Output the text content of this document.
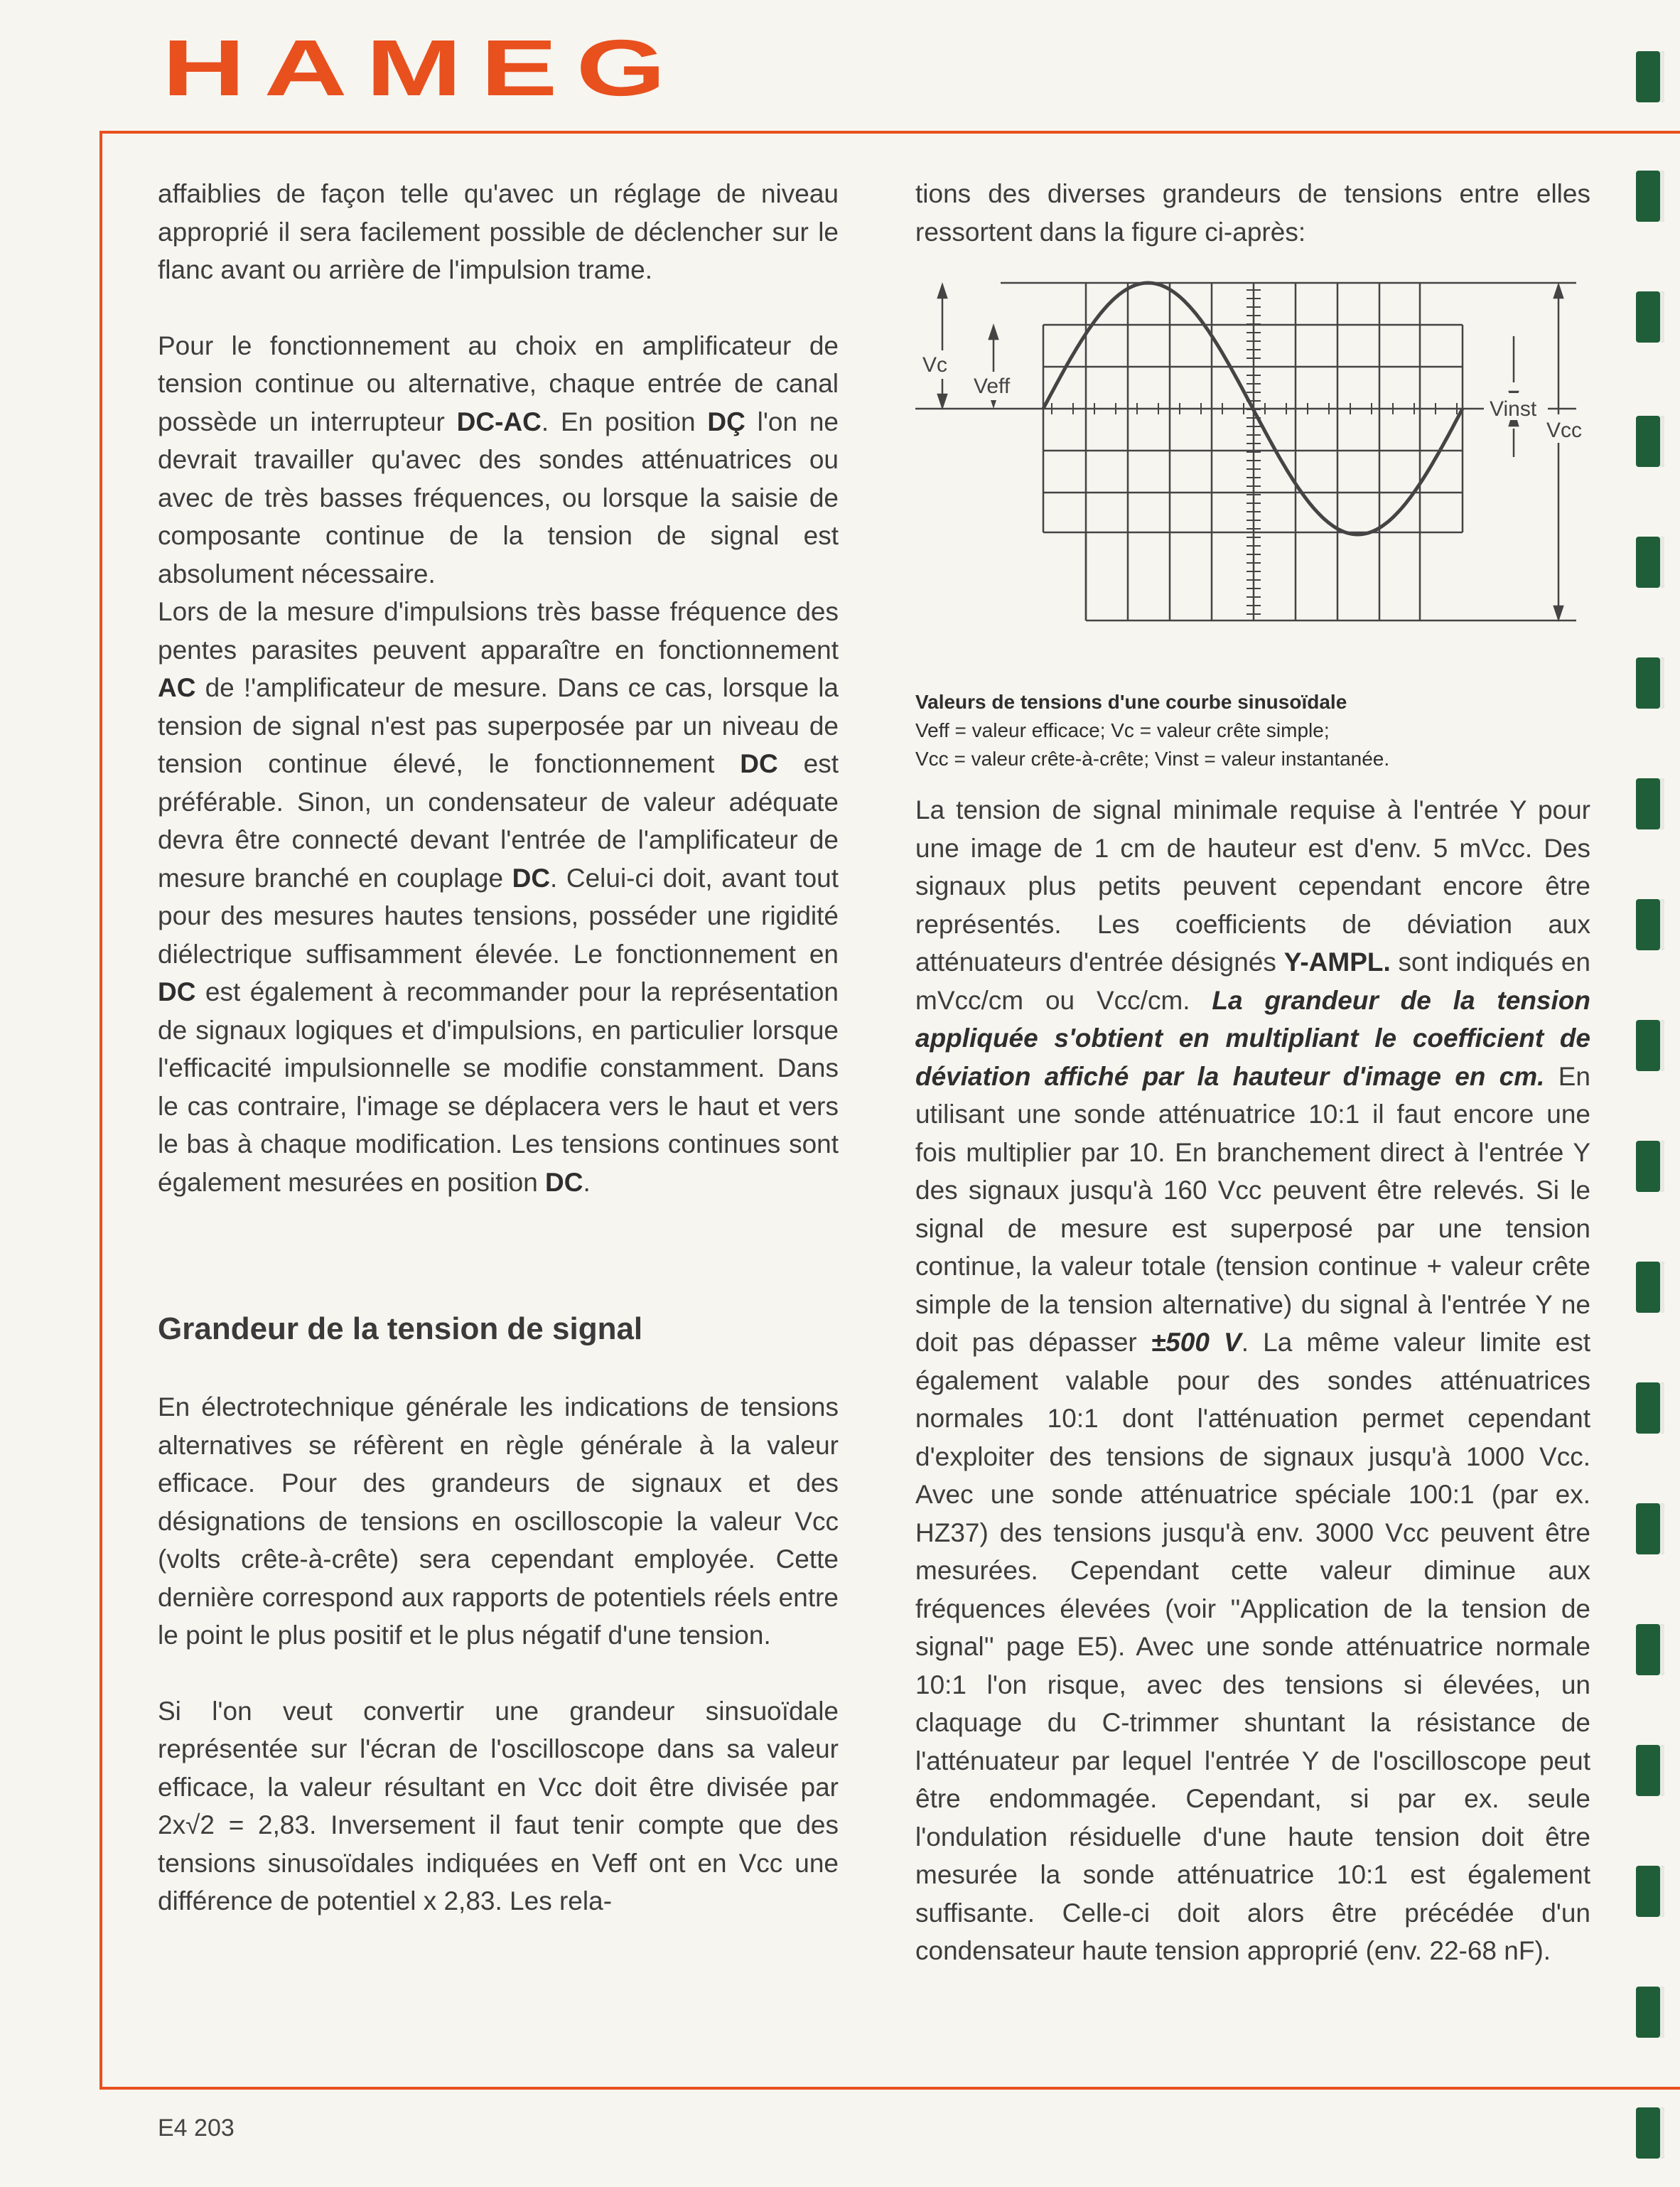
HAMEG

affaiblies de façon telle qu'avec un réglage de niveau approprié il sera facilement possible de déclencher sur le flanc avant ou arrière de l'impulsion trame.

Pour le fonctionnement au choix en amplificateur de tension continue ou alternative, chaque entrée de canal possède un interrupteur DC-AC. En position DÇ l'on ne devrait travailler qu'avec des sondes atténuatrices ou avec de très basses fréquences, ou lorsque la saisie de composante continue de la tension de signal est absolument nécessaire.

Lors de la mesure d'impulsions très basse fréquence des pentes parasites peuvent apparaître en fonctionnement AC de !'amplificateur de mesure. Dans ce cas, lorsque la tension de signal n'est pas superposée par un niveau de tension continue élevé, le fonctionnement DC est préférable. Sinon, un condensateur de valeur adéquate devra être connecté devant l'entrée de l'amplificateur de mesure branché en couplage DC. Celui-ci doit, avant tout pour des mesures hautes tensions, posséder une rigidité diélectrique suffisamment élevée. Le fonctionnement en DC est également à recommander pour la représentation de signaux logiques et d'impulsions, en particulier lorsque l'efficacité impulsionnelle se modifie constamment. Dans le cas contraire, l'image se déplacera vers le haut et vers le bas à chaque modification. Les tensions continues sont également mesurées en position DC.

Grandeur de la tension de signal

En électrotechnique générale les indications de tensions alternatives se réfèrent en règle générale à la valeur efficace. Pour des grandeurs de signaux et des désignations de tensions en oscilloscopie la valeur Vcc (volts crête-à-crête) sera cependant employée. Cette dernière correspond aux rapports de potentiels réels entre le point le plus positif et le plus négatif d'une tension.

Si l'on veut convertir une grandeur sinsuoïdale représentée sur l'écran de l'oscilloscope dans sa valeur efficace, la valeur résultant en Vcc doit être divisée par 2x√2 = 2,83. Inversement il faut tenir compte que des tensions sinusoïdales indiquées en Veff ont en Vcc une différence de potentiel x 2,83. Les rela-

tions des diverses grandeurs de tensions entre elles ressortent dans la figure ci-après:

Vc
Veff
Vinst
Vcc
Valeurs de tensions d'une courbe sinusoïdale
Veff = valeur efficace; Vc = valeur crête simple;
Vcc = valeur crête-à-crête; Vinst = valeur instantanée.

La tension de signal minimale requise à l'entrée Y pour une image de 1 cm de hauteur est d'env. 5 mVcc. Des signaux plus petits peuvent cependant encore être représentés. Les coefficients de déviation aux atténuateurs d'entrée désignés Y-AMPL. sont indiqués en mVcc/cm ou Vcc/cm. La grandeur de la tension appliquée s'obtient en multipliant le coefficient de déviation affiché par la hauteur d'image en cm. En utilisant une sonde atténuatrice 10:1 il faut encore une fois multiplier par 10. En branchement direct à l'entrée Y des signaux jusqu'à 160 Vcc peuvent être relevés. Si le signal de mesure est superposé par une tension continue, la valeur totale (tension continue + valeur crête simple de la tension alternative) du signal à l'entrée Y ne doit pas dépasser ±500 V. La même valeur limite est également valable pour des sondes atténuatrices normales 10:1 dont l'atténuation permet cependant d'exploiter des tensions de signaux jusqu'à 1000 Vcc. Avec une sonde atténuatrice spéciale 100:1 (par ex. HZ37) des tensions jusqu'à env. 3000 Vcc peuvent être mesurées. Cependant cette valeur diminue aux fréquences élevées (voir ''Application de la tension de signal'' page E5). Avec une sonde atténuatrice normale 10:1 l'on risque, avec des tensions si élevées, un claquage du C-trimmer shuntant la résistance de l'atténuateur par lequel l'entrée Y de l'oscilloscope peut être endommagée. Cependant, si par ex. seule l'ondulation résiduelle d'une haute tension doit être mesurée la sonde atténuatrice 10:1 est également suffisante. Celle-ci doit alors être précédée d'un condensateur haute tension approprié (env. 22-68 nF).

E4 203
